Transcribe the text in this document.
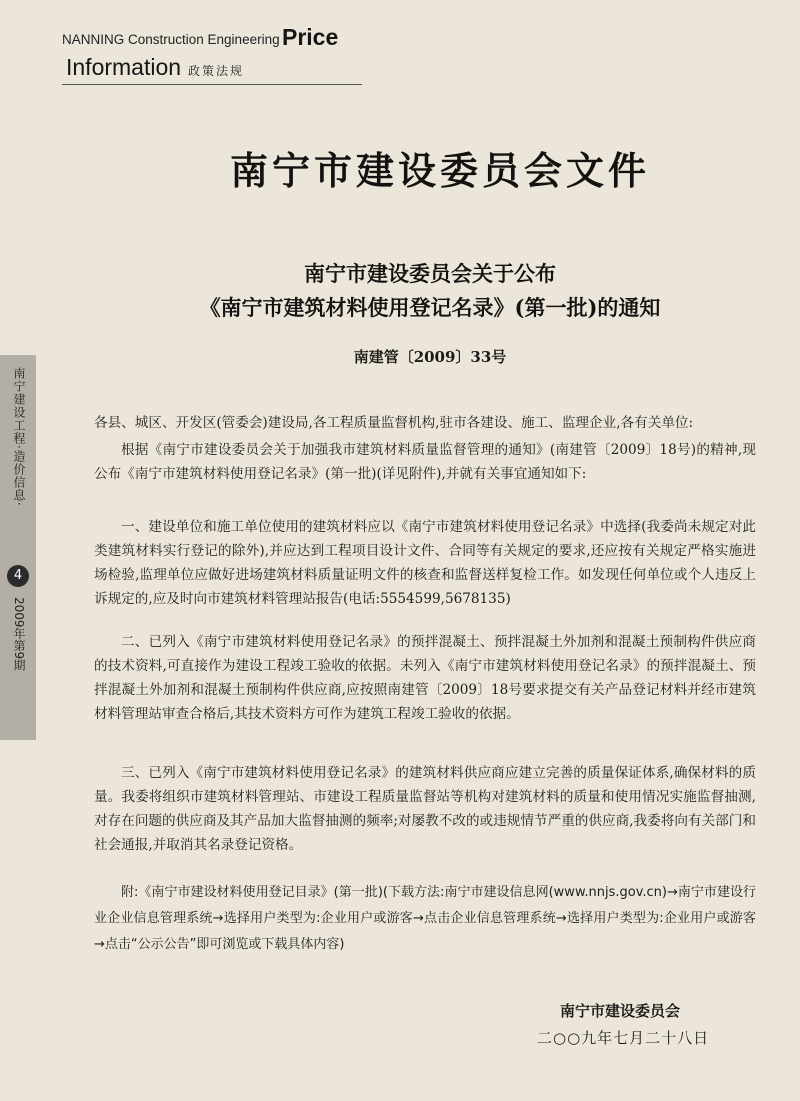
NANNING Construction Engineering Price
Information 政策法规
南宁建设工程·造价信息·
4
2009年第9期
南宁市建设委员会文件
南宁市建设委员会关于公布
《南宁市建筑材料使用登记名录》(第一批)的通知
南建管〔2009〕33号
各县、城区、开发区(管委会)建设局,各工程质量监督机构,驻市各建设、施工、监理企业,各有关单位:
根据《南宁市建设委员会关于加强我市建筑材料质量监督管理的通知》(南建管〔2009〕18号)的精神,现公布《南宁市建筑材料使用登记名录》(第一批)(详见附件),并就有关事宜通知如下:
一、建设单位和施工单位使用的建筑材料应以《南宁市建筑材料使用登记名录》中选择(我委尚未规定对此类建筑材料实行登记的除外),并应达到工程项目设计文件、合同等有关规定的要求,还应按有关规定严格实施进场检验,监理单位应做好进场建筑材料质量证明文件的核查和监督送样复检工作。如发现任何单位或个人违反上诉规定的,应及时向市建筑材料管理站报告(电话:5554599,5678135)
二、已列入《南宁市建筑材料使用登记名录》的预拌混凝土、预拌混凝土外加剂和混凝土预制构件供应商的技术资料,可直接作为建设工程竣工验收的依据。未列入《南宁市建筑材料使用登记名录》的预拌混凝土、预拌混凝土外加剂和混凝土预制构件供应商,应按照南建管〔2009〕18号要求提交有关产品登记材料并经市建筑材料管理站审查合格后,其技术资料方可作为建筑工程竣工验收的依据。
三、已列入《南宁市建筑材料使用登记名录》的建筑材料供应商应建立完善的质量保证体系,确保材料的质量。我委将组织市建筑材料管理站、市建设工程质量监督站等机构对建筑材料的质量和使用情况实施监督抽测,对存在问题的供应商及其产品加大监督抽测的频率;对屡教不改的或违规情节严重的供应商,我委将向有关部门和社会通报,并取消其名录登记资格。
附:《南宁市建设材料使用登记目录》(第一批)(下载方法:南宁市建设信息网(www.nnjs.gov.cn)→南宁市建设行业企业信息管理系统→选择用户类型为:企业用户或游客→点击企业信息管理系统→选择用户类型为:企业用户或游客→点击“公示公告”即可浏览或下载具体内容)
南宁市建设委员会
二○○九年七月二十八日
